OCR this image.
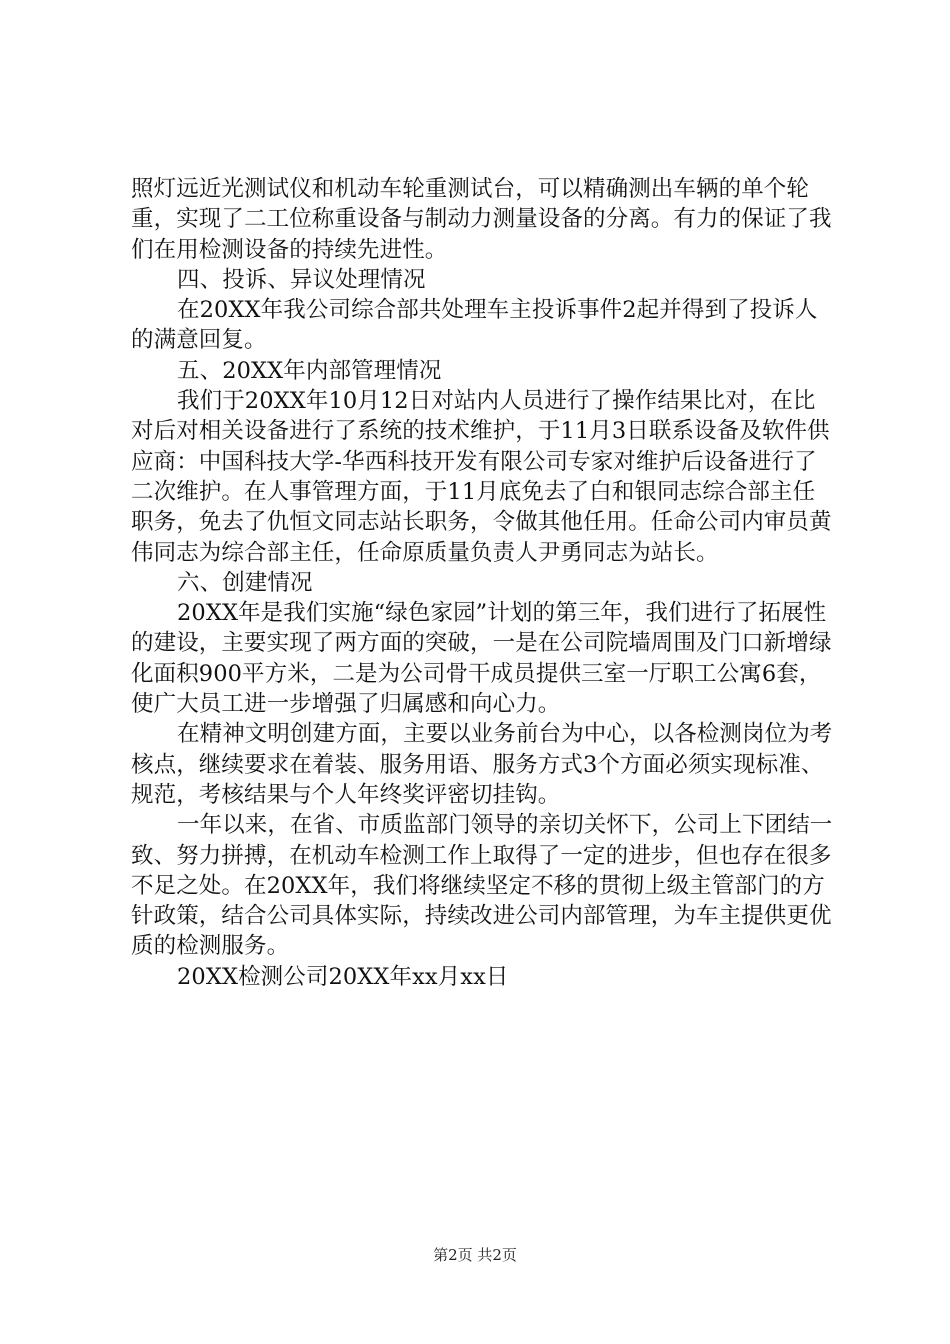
照灯远近光测试仪和机动车轮重测试台，可以精确测出车辆的单个轮重，实现了二工位称重设备与制动力测量设备的分离。有力的保证了我们在用检测设备的持续先进性。

四、投诉、异议处理情况

在20XX年我公司综合部共处理车主投诉事件2起并得到了投诉人的满意回复。

五、20XX年内部管理情况

我们于20XX年10月12日对站内人员进行了操作结果比对，在比对后对相关设备进行了系统的技术维护，于11月3日联系设备及软件供应商：中国科技大学-华西科技开发有限公司专家对维护后设备进行了二次维护。在人事管理方面，于11月底免去了白和银同志综合部主任职务，免去了仇恒文同志站长职务，令做其他任用。任命公司内审员黄伟同志为综合部主任，任命原质量负责人尹勇同志为站长。

六、创建情况

20XX年是我们实施“绿色家园”计划的第三年，我们进行了拓展性的建设，主要实现了两方面的突破，一是在公司院墙周围及门口新增绿化面积900平方米，二是为公司骨干成员提供三室一厅职工公寓6套，使广大员工进一步增强了归属感和向心力。

在精神文明创建方面，主要以业务前台为中心，以各检测岗位为考核点，继续要求在着装、服务用语、服务方式3个方面必须实现标准、规范，考核结果与个人年终奖评密切挂钩。

一年以来，在省、市质监部门领导的亲切关怀下，公司上下团结一致、努力拼搏，在机动车检测工作上取得了一定的进步，但也存在很多不足之处。在20XX年，我们将继续坚定不移的贯彻上级主管部门的方针政策，结合公司具体实际，持续改进公司内部管理，为车主提供更优质的检测服务。

20XX检测公司20XX年xx月xx日

第2页 共2页
